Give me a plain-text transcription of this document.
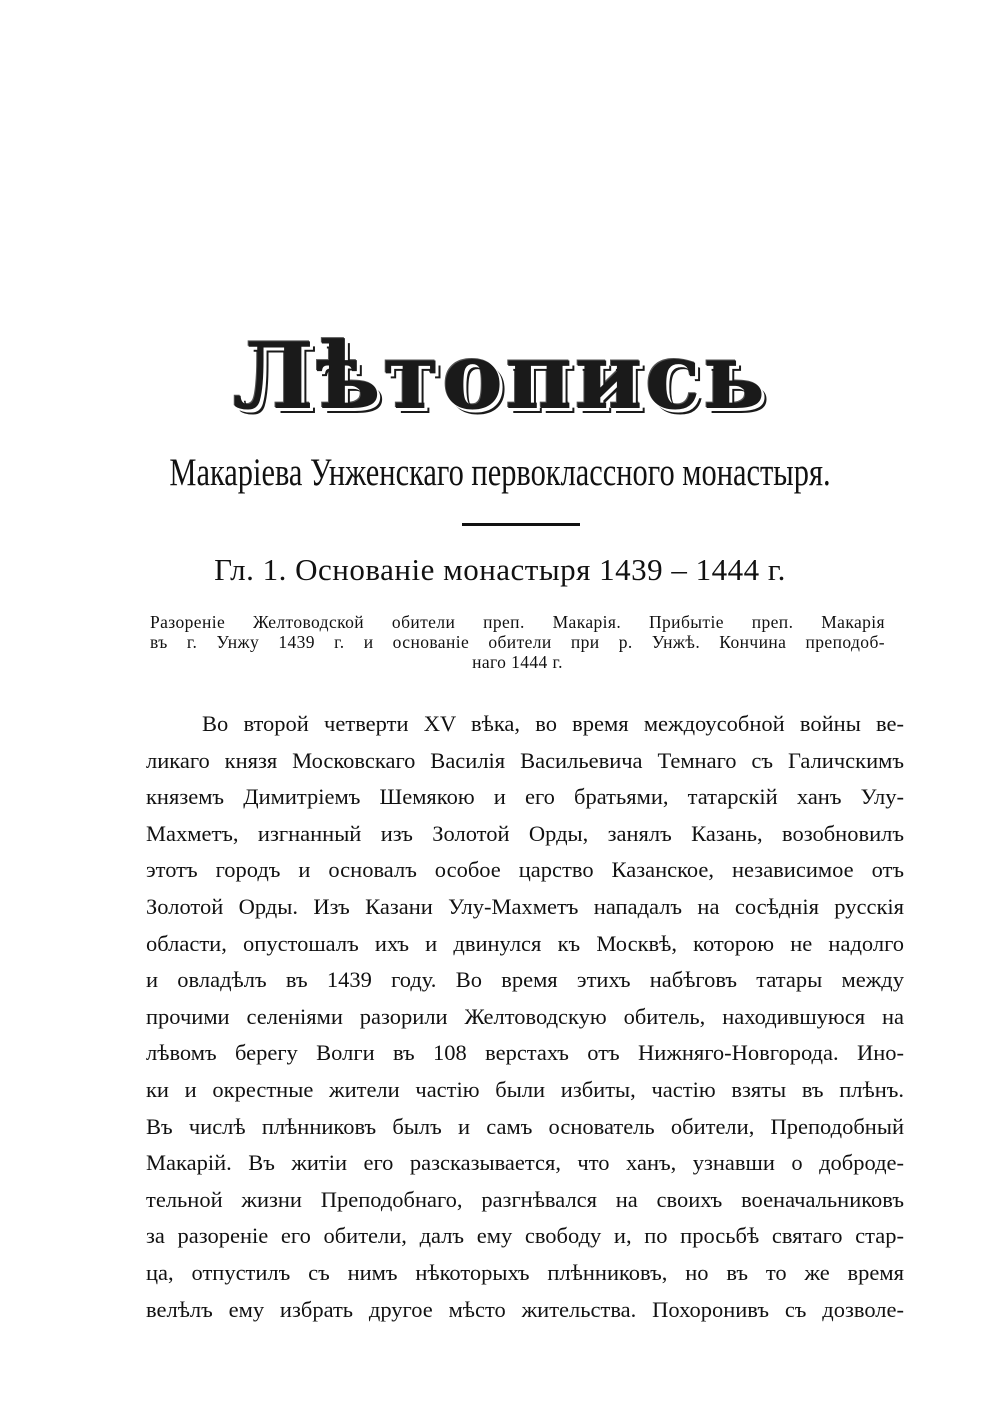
Лѣтопись
Макаріева Унженскаго первоклассного монастыря.
Гл. 1. Основаніе монастыря 1439 – 1444 г.
Разореніе Желтоводской обители преп. Макарія. Прибытіе преп. Макарія
въ г. Унжу 1439 г. и основаніе обители при р. Унжѣ. Кончина преподоб-
наго 1444 г.
Во второй четверти XV вѣка, во время междоусобной войны ве-
ликаго князя Московскаго Василія Васильевича Темнаго съ Галичскимъ
княземъ Димитріемъ Шемякою и его братьями, татарскій ханъ Улу-
Махметъ, изгнанный изъ Золотой Орды, занялъ Казань, возобновилъ
этотъ городъ и основалъ особое царство Казанское, независимое отъ
Золотой Орды. Изъ Казани Улу-Махметъ нападалъ на сосѣднія русскія
области, опустошалъ ихъ и двинулся къ Москвѣ, которою не надолго
и овладѣлъ въ 1439 году. Во время этихъ набѣговъ татары между
прочими селеніями разорили Желтоводскую обитель, находившуюся на
лѣвомъ берегу Волги въ 108 верстахъ отъ Нижняго-Новгорода. Ино-
ки и окрестные жители частію были избиты, частію взяты въ плѣнъ.
Въ числѣ плѣнниковъ былъ и самъ основатель обители, Преподобный
Макарій. Въ житіи его разсказывается, что ханъ, узнавши о доброде-
тельной жизни Преподобнаго, разгнѣвался на своихъ военачальниковъ
за разореніе его обители, далъ ему свободу и, по просьбѣ святаго стар-
ца, отпустилъ съ нимъ нѣкоторыхъ плѣнниковъ, но въ то же время
велѣлъ ему избрать другое мѣсто жительства. Похоронивъ съ дозволе-
